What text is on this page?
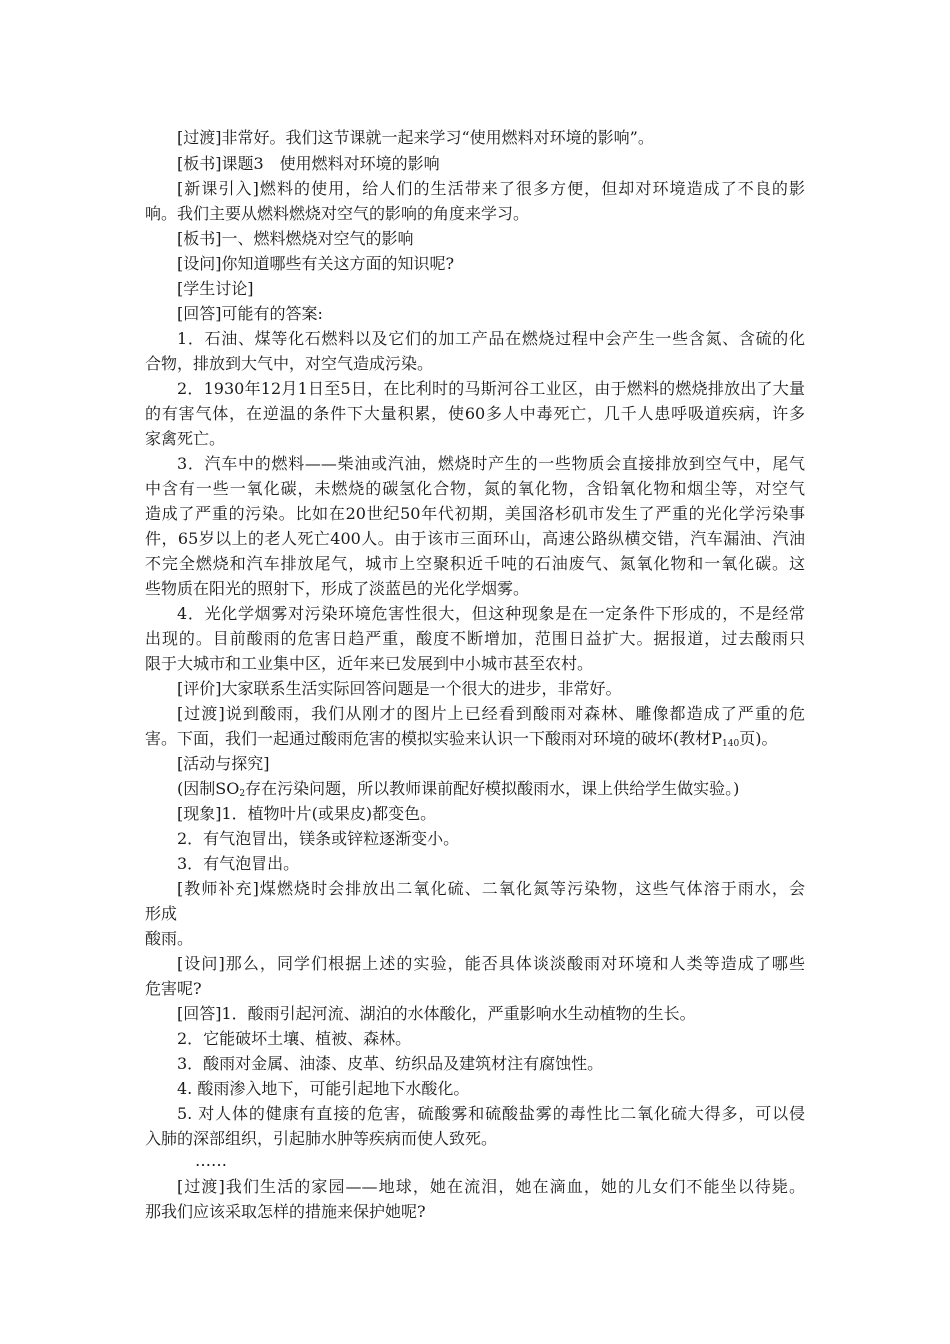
[过渡]非常好。我们这节课就一起来学习“使用燃料对环境的影响”。
[板书]课题3　使用燃料对环境的影响
[新课引入]燃料的使用，给人们的生活带来了很多方便，但却对环境造成了不良的影
响。我们主要从燃料燃烧对空气的影响的角度来学习。
[板书]一、燃料燃烧对空气的影响
[设问]你知道哪些有关这方面的知识呢?
[学生讨论]
[回答]可能有的答案:
1．石油、煤等化石燃料以及它们的加工产品在燃烧过程中会产生一些含氮、含硫的化
合物，排放到大气中，对空气造成污染。
2．1930年12月1日至5日，在比利时的马斯河谷工业区，由于燃料的燃烧排放出了大量
的有害气体，在逆温的条件下大量积累，使60多人中毒死亡，几千人患呼吸道疾病，许多
家禽死亡。
3．汽车中的燃料——柴油或汽油，燃烧时产生的一些物质会直接排放到空气中，尾气
中含有一些一氧化碳，未燃烧的碳氢化合物，氮的氧化物，含铅氧化物和烟尘等，对空气
造成了严重的污染。比如在20世纪50年代初期，美国洛杉矶市发生了严重的光化学污染事
件，65岁以上的老人死亡400人。由于该市三面环山，高速公路纵横交错，汽车漏油、汽油
不完全燃烧和汽车排放尾气，城市上空聚积近千吨的石油废气、氮氧化物和一氧化碳。这
些物质在阳光的照射下，形成了淡蓝邑的光化学烟雾。
4．光化学烟雾对污染环境危害性很大，但这种现象是在一定条件下形成的，不是经常
出现的。目前酸雨的危害日趋严重，酸度不断增加，范围日益扩大。据报道，过去酸雨只
限于大城市和工业集中区，近年来已发展到中小城市甚至农村。
[评价]大家联系生活实际回答问题是一个很大的进步，非常好。
[过渡]说到酸雨，我们从刚才的图片上已经看到酸雨对森林、雕像都造成了严重的危
害。下面，我们一起通过酸雨危害的模拟实验来认识一下酸雨对环境的破坏(教材$P_{140}$页)。
[活动与探究]
(因制$SO_2$存在污染问题，所以教师课前配好模拟酸雨水，课上供给学生做实验。)
[现象]1．植物叶片(或果皮)都变色。
2．有气泡冒出，镁条或锌粒逐渐变小。
3．有气泡冒出。
[教师补充]煤燃烧时会排放出二氧化硫、二氧化氮等污染物，这些气体溶于雨水，会
形成
酸雨。
[设问]那么，同学们根据上述的实验，能否具体谈淡酸雨对环境和人类等造成了哪些
危害呢?
[回答]1．酸雨引起河流、湖泊的水体酸化，严重影响水生动植物的生长。
2．它能破坏土壤、植被、森林。
3．酸雨对金属、油漆、皮革、纺织品及建筑材注有腐蚀性。
4. 酸雨渗入地下，可能引起地下水酸化。
5. 对人体的健康有直接的危害，硫酸雾和硫酸盐雾的毒性比二氧化硫大得多，可以侵
入肺的深部组织，引起肺水肿等疾病而使人致死。
……
[过渡]我们生活的家园——地球，她在流泪，她在滴血，她的儿女们不能坐以待毙。
那我们应该采取怎样的措施来保护她呢?
